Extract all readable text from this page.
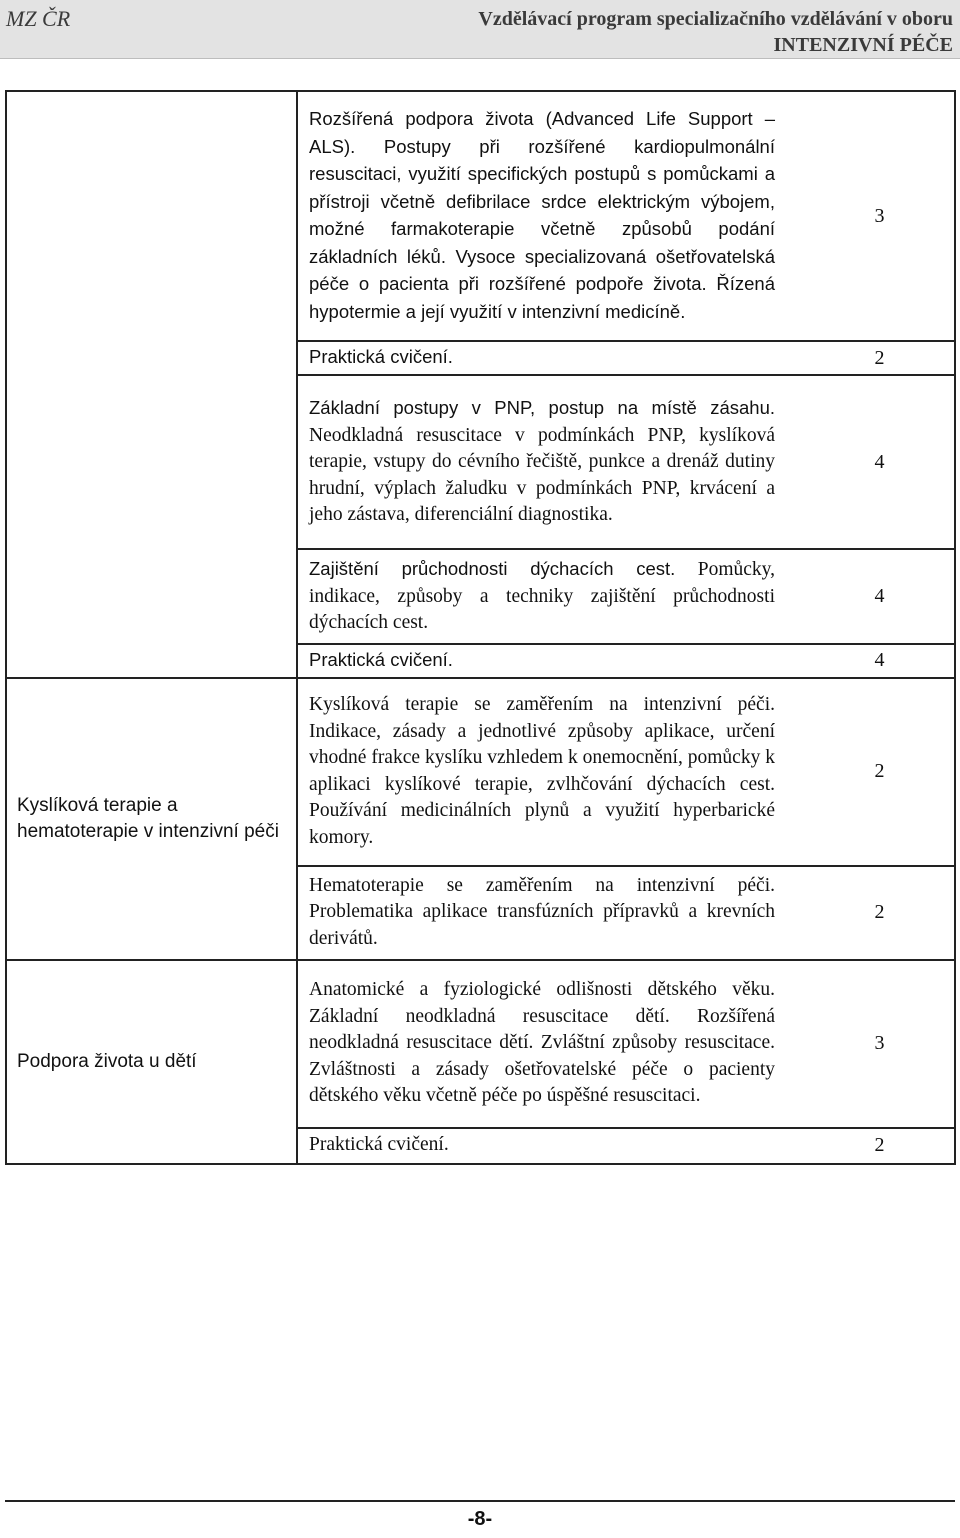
MZ ČR	Vzdělávací program specializačního vzdělávání v oboru
INTENZIVNÍ PÉČE

	Rozšířená podpora života (Advanced Life Support – ALS). Postupy při rozšířené kardiopulmonální resuscitaci, využití specifických postupů s pomůckami a přístroji včetně defibrilace srdce elektrickým výbojem, možné farmakoterapie včetně způsobů podání základních léků. Vysoce specializovaná ošetřovatelská péče o pacienta při rozšířené podpoře života. Řízená hypotermie a její využití v intenzivní medicíně.	3

	Praktická cvičení.	2

	Základní postupy v PNP, postup na místě zásahu. Neodkladná resuscitace v podmínkách PNP, kyslíková terapie, vstupy do cévního řečiště, punkce a drenáž dutiny hrudní, výplach žaludku v podmínkách PNP, krvácení a jeho zástava, diferenciální diagnostika.	4

	Zajištění průchodnosti dýchacích cest. Pomůcky, indikace, způsoby a techniky zajištění průchodnosti dýchacích cest.	4

	Praktická cvičení.	4
Kyslíková terapie a hematoterapie v intenzivní péči	Kyslíková terapie se zaměřením na intenzivní péči. Indikace, zásady a jednotlivé způsoby aplikace, určení vhodné frakce kyslíku vzhledem k onemocnění, pomůcky k aplikaci kyslíkové terapie, zvlhčování dýchacích cest. Používání medicinálních plynů a využití hyperbarické komory.	2

	Hematoterapie se zaměřením na intenzivní péči. Problematika aplikace transfúzních přípravků a krevních derivátů.	2
Podpora života u dětí	Anatomické a fyziologické odlišnosti dětského věku. Základní neodkladná resuscitace dětí. Rozšířená neodkladná resuscitace dětí. Zvláštní způsoby resuscitace. Zvláštnosti a zásady ošetřovatelské péče o pacienty dětského věku včetně péče po úspěšné resuscitaci.	3

	Praktická cvičení.	2
-8-
